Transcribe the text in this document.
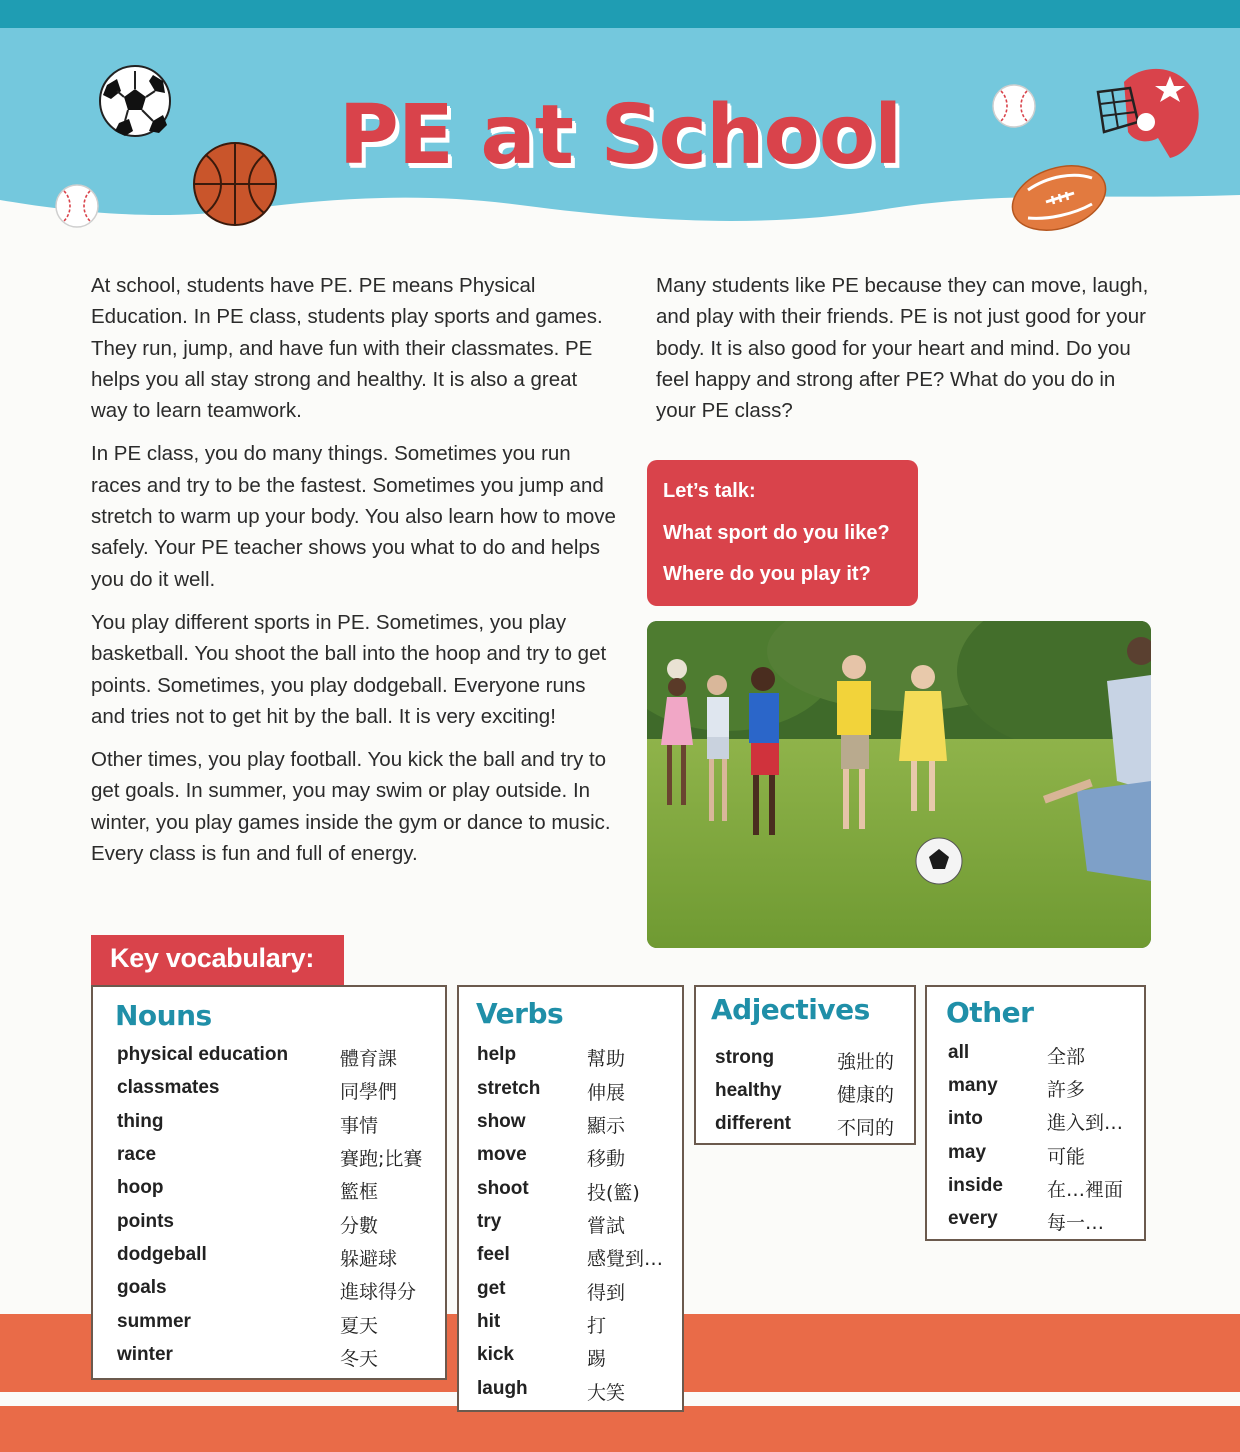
PE at School

At school, students have PE. PE means Physical Education. In PE class, students play sports and games. They run, jump, and have fun with their classmates. PE helps you all stay strong and healthy. It is also a great way to learn teamwork.

In PE class, you do many things. Sometimes you run races and try to be the fastest. Sometimes you jump and stretch to warm up your body. You also learn how to move safely. Your PE teacher shows you what to do and helps you do it well.

You play different sports in PE. Sometimes, you play basketball. You shoot the ball into the hoop and try to get points. Sometimes, you play dodgeball. Everyone runs and tries not to get hit by the ball. It is very exciting!

Other times, you play football. You kick the ball and try to get goals. In summer, you may swim or play outside. In winter, you play games inside the gym or dance to music. Every class is fun and full of energy.

Many students like PE because they can move, laugh, and play with their friends. PE is not just good for your body. It is also good for your heart and mind. Do you feel happy and strong after PE? What do you do in your PE class?

Let’s talk:
What sport do you like?
Where do you play it?
Key vocabulary:
Nouns
physical education	體育課
classmates	同學們
thing	事情
race	賽跑;比賽
hoop	籃框
points	分數
dodgeball	躲避球
goals	進球得分
summer	夏天
winter	冬天
Verbs
help	幫助
stretch 伸展
show	顯示
move	移動
shoot	投(籃)
try	嘗試
feel	感覺到…
get	得到
hit	打
kick	踢
laugh	大笑
Adjectives
strong	強壯的
healthy	健康的
different 不同的
Other
all	全部
many	許多
into	進入到…
may	可能
inside 在…裡面
every	每一…
